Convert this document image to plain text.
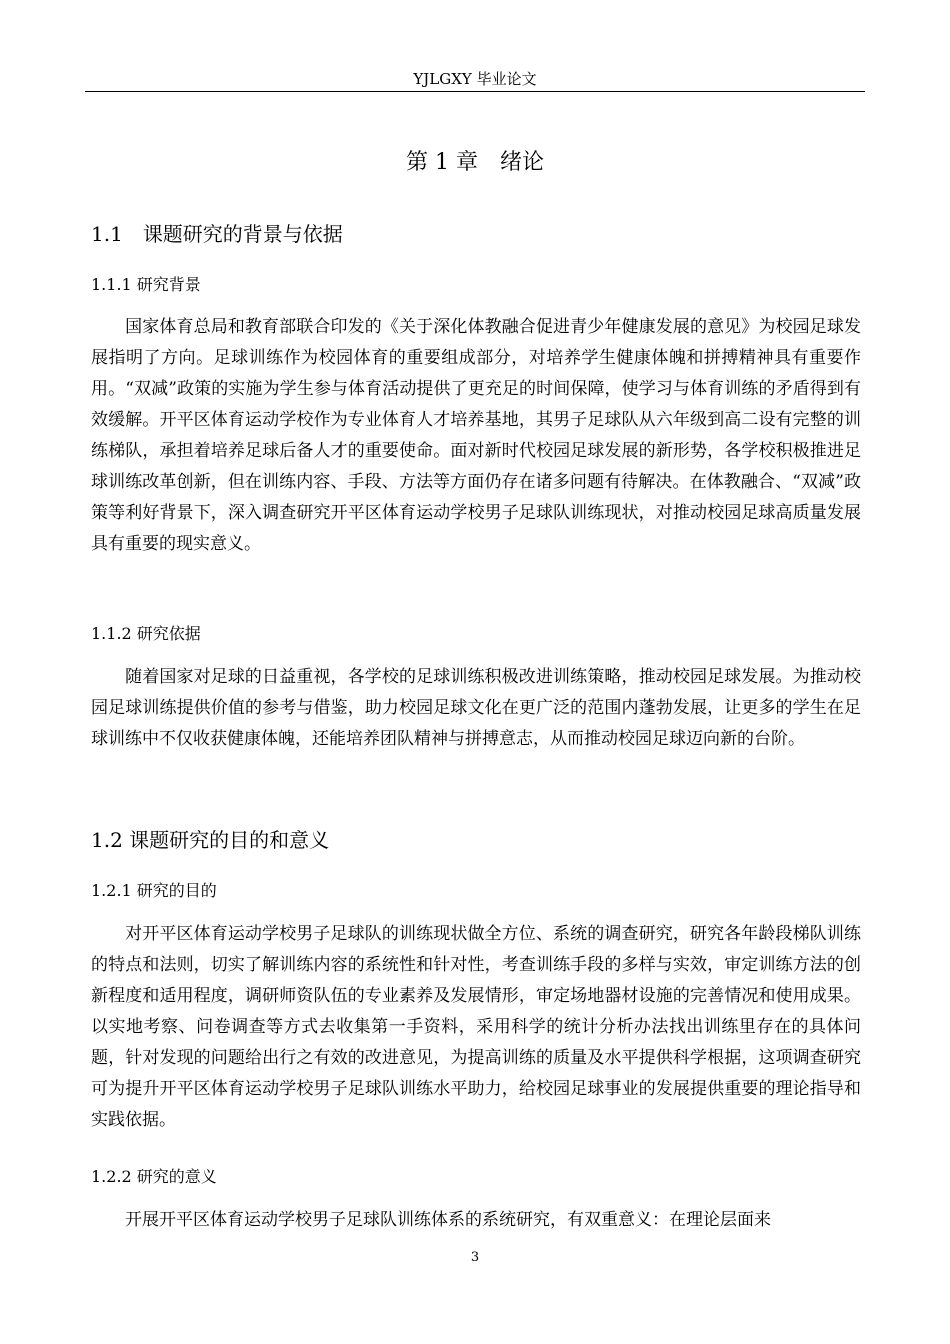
YJLGXY 毕业论文
第 1 章 绪论
1.1 课题研究的背景与依据
1.1.1 研究背景

国家体育总局和教育部联合印发的《关于深化体教融合促进青少年健康发展的意见》为校园足球发展指明了方向。足球训练作为校园体育的重要组成部分，对培养学生健康体魄和拼搏精神具有重要作用。“双减”政策的实施为学生参与体育活动提供了更充足的时间保障，使学习与体育训练的矛盾得到有效缓解。开平区体育运动学校作为专业体育人才培养基地，其男子足球队从六年级到高二设有完整的训练梯队，承担着培养足球后备人才的重要使命。面对新时代校园足球发展的新形势，各学校积极推进足球训练改革创新，但在训练内容、手段、方法等方面仍存在诸多问题有待解决。在体教融合、“双减”政策等利好背景下，深入调查研究开平区体育运动学校男子足球队训练现状，对推动校园足球高质量发展具有重要的现实意义。

1.1.2 研究依据

随着国家对足球的日益重视，各学校的足球训练积极改进训练策略，推动校园足球发展。为推动校园足球训练提供价值的参考与借鉴，助力校园足球文化在更广泛的范围内蓬勃发展，让更多的学生在足球训练中不仅收获健康体魄，还能培养团队精神与拼搏意志，从而推动校园足球迈向新的台阶。

1.2 课题研究的目的和意义
1.2.1 研究的目的

对开平区体育运动学校男子足球队的训练现状做全方位、系统的调查研究，研究各年龄段梯队训练的特点和法则，切实了解训练内容的系统性和针对性，考查训练手段的多样与实效，审定训练方法的创新程度和适用程度，调研师资队伍的专业素养及发展情形，审定场地器材设施的完善情况和使用成果。以实地考察、问卷调查等方式去收集第一手资料，采用科学的统计分析办法找出训练里存在的具体问题，针对发现的问题给出行之有效的改进意见，为提高训练的质量及水平提供科学根据，这项调查研究可为提升开平区体育运动学校男子足球队训练水平助力，给校园足球事业的发展提供重要的理论指导和实践依据。

1.2.2 研究的意义

开展开平区体育运动学校男子足球队训练体系的系统研究，有双重意义：在理论层面来

3
